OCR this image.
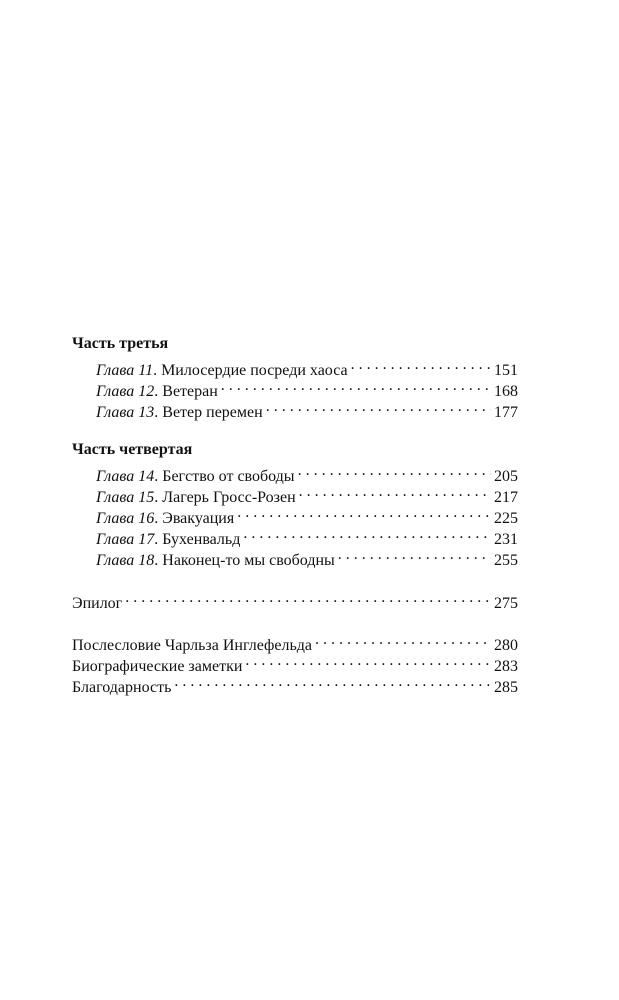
Часть третья
Глава 11. Милосердие посреди хаоса . . .	151
Глава 12. Ветеран . . .	168
Глава 13. Ветер перемен . . .	177
Часть четвертая
Глава 14. Бегство от свободы . . .	205
Глава 15. Лагерь Гросс-Розен . . .	217
Глава 16. Эвакуация . . .	225
Глава 17. Бухенвальд . . .	231
Глава 18. Наконец-то мы свободны . . .	255
Эпилог . . .	275
Послесловие Чарльза Инглефельда . . .	280
Биографические заметки . . .	283
Благодарность . . .	285
